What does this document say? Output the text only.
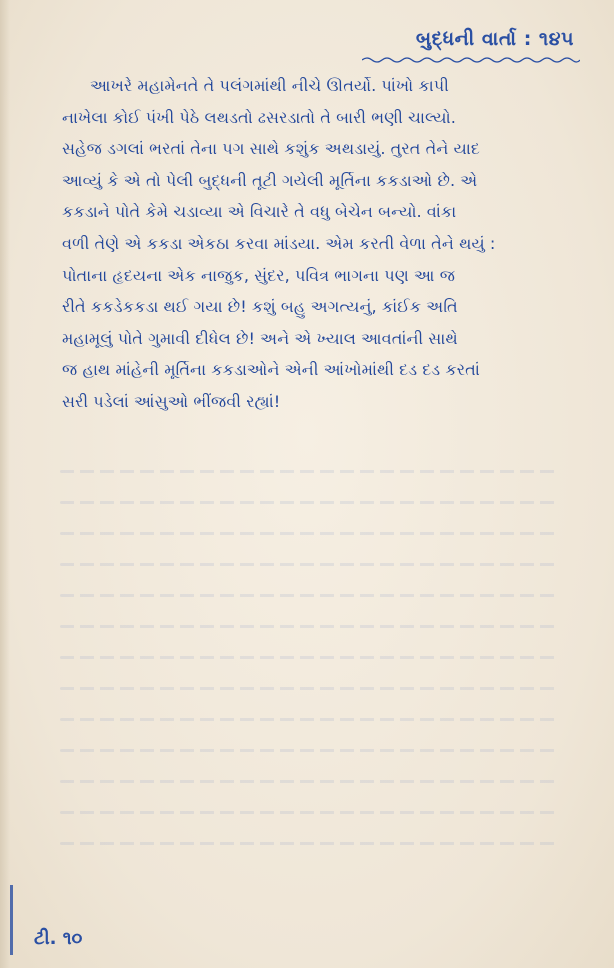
બુદ્ધની વાર્તા : ૧૪૫
આખરે મહામેનતે તે પલંગમાંથી નીચે ઊતર્યો. પાંખો કાપી
નાખેલા કોઈ પંખી પેઠે લથડતો ઢસરડાતો તે બારી ભણી ચાલ્યો.
સહેજ ડગલાં ભરતાં તેના પગ સાથે કશુંક અથડાયું. તુરત તેને યાદ
આવ્યું કે એ તો પેલી બુદ્ધની તૂટી ગયેલી મૂર્તિના કકડાઓ છે. એ
કકડાને પોતે કેમે ચડાવ્યા એ વિચારે તે વધુ બેચેન બન્યો. વાંકા
વળી તેણે એ કકડા એકઠા કરવા માંડયા. એમ કરતી વેળા તેને થયું :
પોતાના હૃદયના એક નાજુક, સુંદર, પવિત્ર ભાગના પણ આ જ
રીતે કકડેકકડા થઈ ગયા છે! કશું બહુ અગત્યનું, કાંઈક અતિ
મહામૂલું પોતે ગુમાવી દીધેલ છે! અને એ ખ્યાલ આવતાંની સાથે
જ હાથ માંહેની મૂર્તિના કકડાઓને એની આંખોમાંથી દડ દડ કરતાં
સરી પડેલાં આંસુઓ ભીંજવી રહ્યાં!
ટી. ૧૦
